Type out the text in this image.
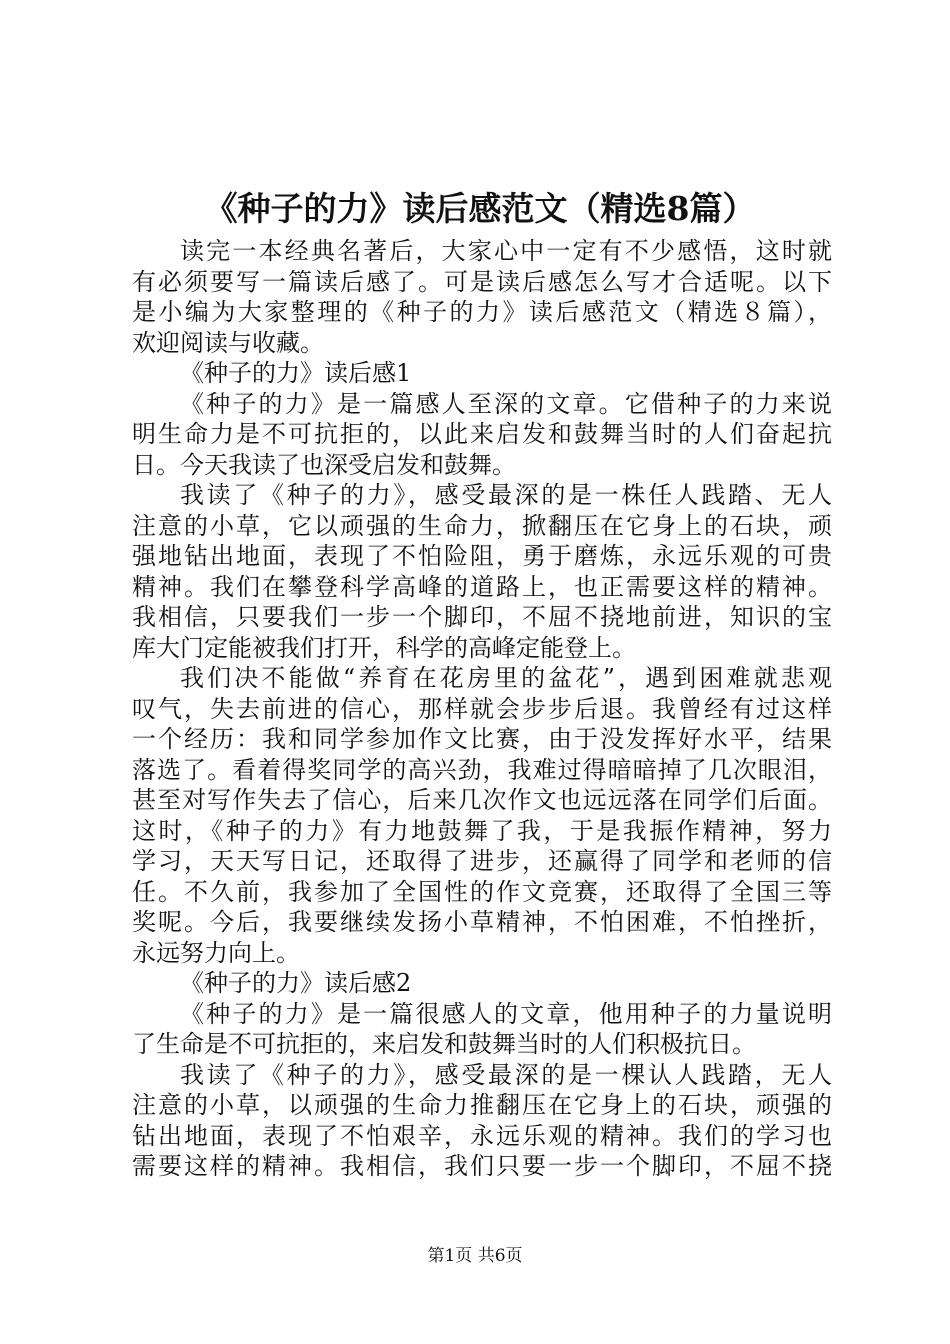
《种子的力》读后感范文（精选8篇）
读完一本经典名著后，大家心中一定有不少感悟，这时就
有必须要写一篇读后感了。可是读后感怎么写才合适呢。以下
是小编为大家整理的《种子的力》读后感范文（精选８篇），
欢迎阅读与收藏。
《种子的力》读后感1
《种子的力》是一篇感人至深的文章。它借种子的力来说
明生命力是不可抗拒的，以此来启发和鼓舞当时的人们奋起抗
日。今天我读了也深受启发和鼓舞。
我读了《种子的力》，感受最深的是一株任人践踏、无人
注意的小草，它以顽强的生命力，掀翻压在它身上的石块，顽
强地钻出地面，表现了不怕险阻，勇于磨炼，永远乐观的可贵
精神。我们在攀登科学高峰的道路上，也正需要这样的精神。
我相信，只要我们一步一个脚印，不屈不挠地前进，知识的宝
库大门定能被我们打开，科学的高峰定能登上。
我们决不能做“养育在花房里的盆花”，遇到困难就悲观
叹气，失去前进的信心，那样就会步步后退。我曾经有过这样
一个经历：我和同学参加作文比赛，由于没发挥好水平，结果
落选了。看着得奖同学的高兴劲，我难过得暗暗掉了几次眼泪，
甚至对写作失去了信心，后来几次作文也远远落在同学们后面。
这时，《种子的力》有力地鼓舞了我，于是我振作精神，努力
学习，天天写日记，还取得了进步，还赢得了同学和老师的信
任。不久前，我参加了全国性的作文竞赛，还取得了全国三等
奖呢。今后，我要继续发扬小草精神，不怕困难，不怕挫折，
永远努力向上。
《种子的力》读后感2
《种子的力》是一篇很感人的文章，他用种子的力量说明
了生命是不可抗拒的，来启发和鼓舞当时的人们积极抗日。
我读了《种子的力》，感受最深的是一棵认人践踏，无人
注意的小草，以顽强的生命力推翻压在它身上的石块，顽强的
钻出地面，表现了不怕艰辛，永远乐观的精神。我们的学习也
需要这样的精神。我相信，我们只要一步一个脚印，不屈不挠
第1页 共6页
